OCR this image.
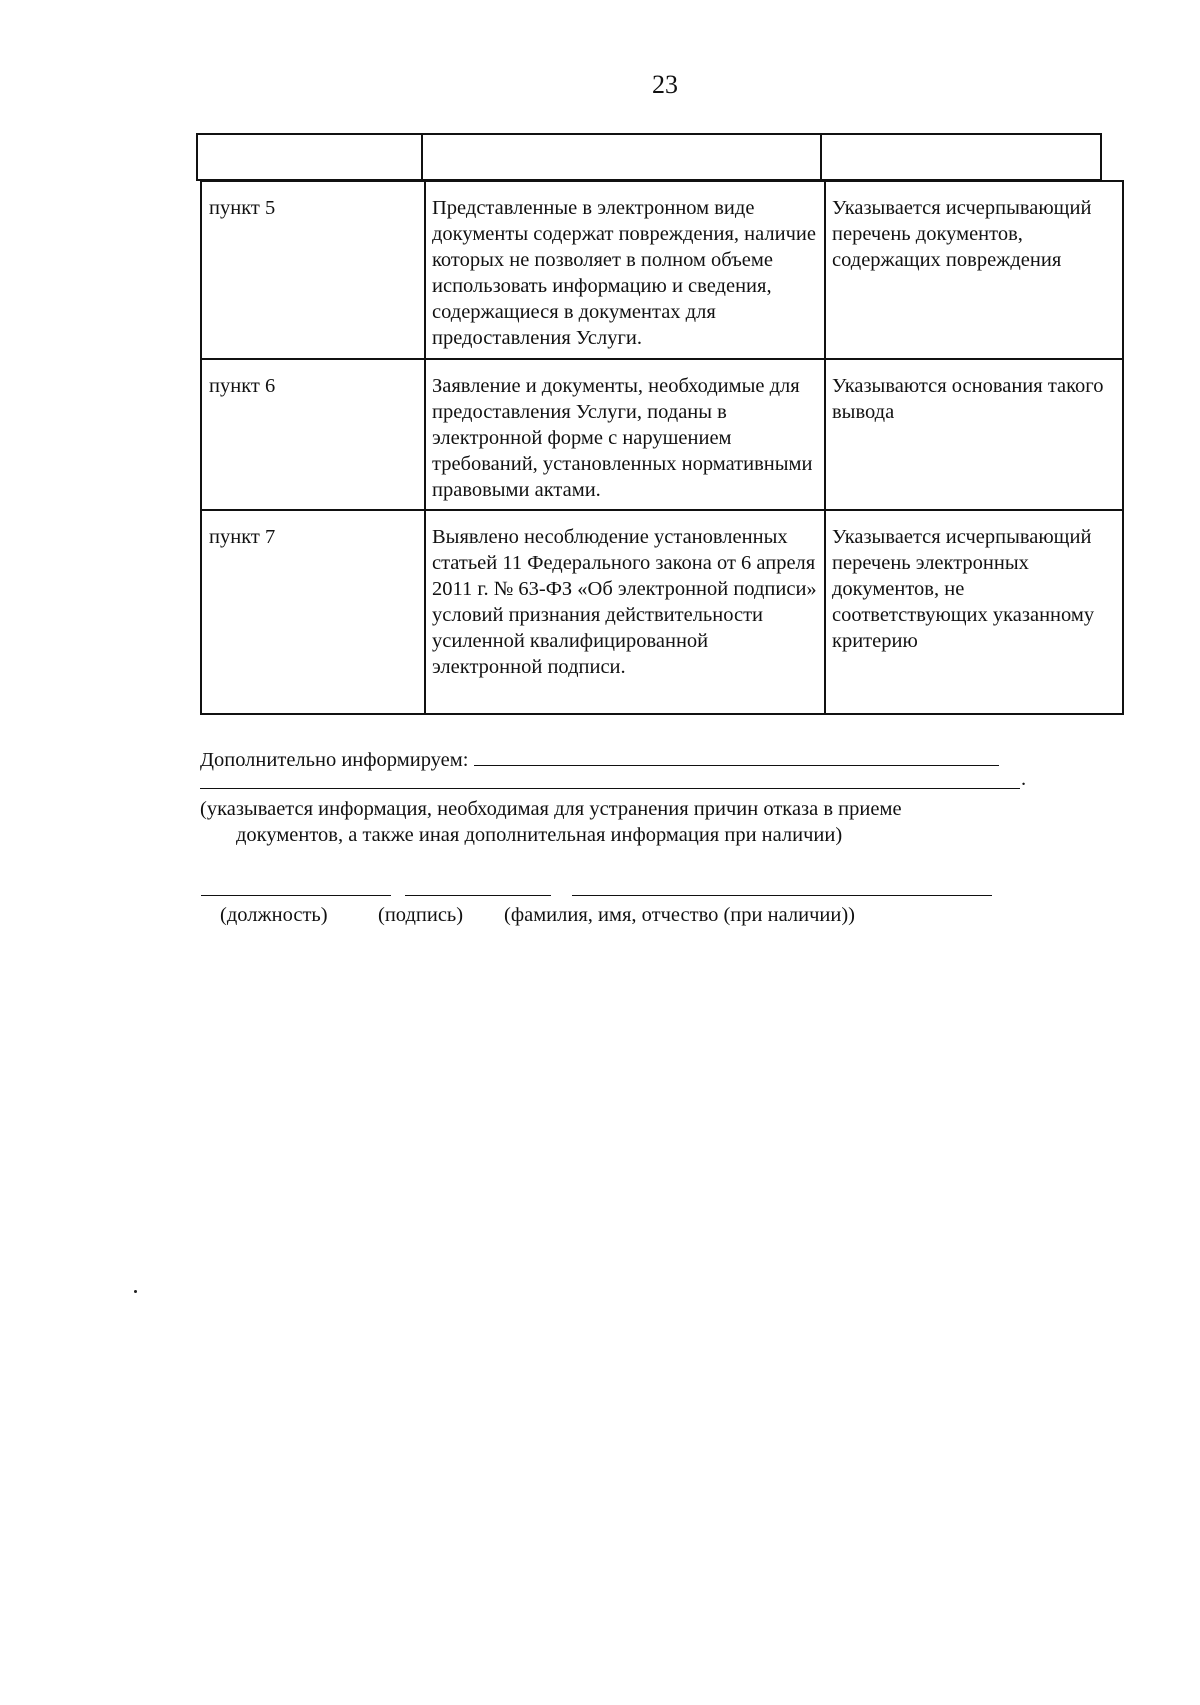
23
пункт 5	Представленные в электронном виде документы содержат повреждения, наличие которых не позволяет в полном объеме использовать информацию и сведения, содержащиеся в документах для предоставления Услуги.	Указывается исчерпывающий перечень документов, содержащих повреждения
пункт 6	Заявление и документы, необходимые для предоставления Услуги, поданы в электронной форме с нарушением требований, установленных нормативными правовыми актами.	Указываются основания такого вывода
пункт 7	Выявлено несоблюдение установленных статьей 11 Федерального закона от 6 апреля 2011 г. № 63-ФЗ «Об электронной подписи» условий признания действительности усиленной квалифицированной электронной подписи.	Указывается исчерпывающий перечень электронных документов, не соответствующих указанному критерию
Дополнительно информируем:
.
(указывается информация, необходимая для устранения причин отказа в приеме
документов, а также иная дополнительная информация при наличии)
(должность) (подпись) (фамилия, имя, отчество (при наличии))
